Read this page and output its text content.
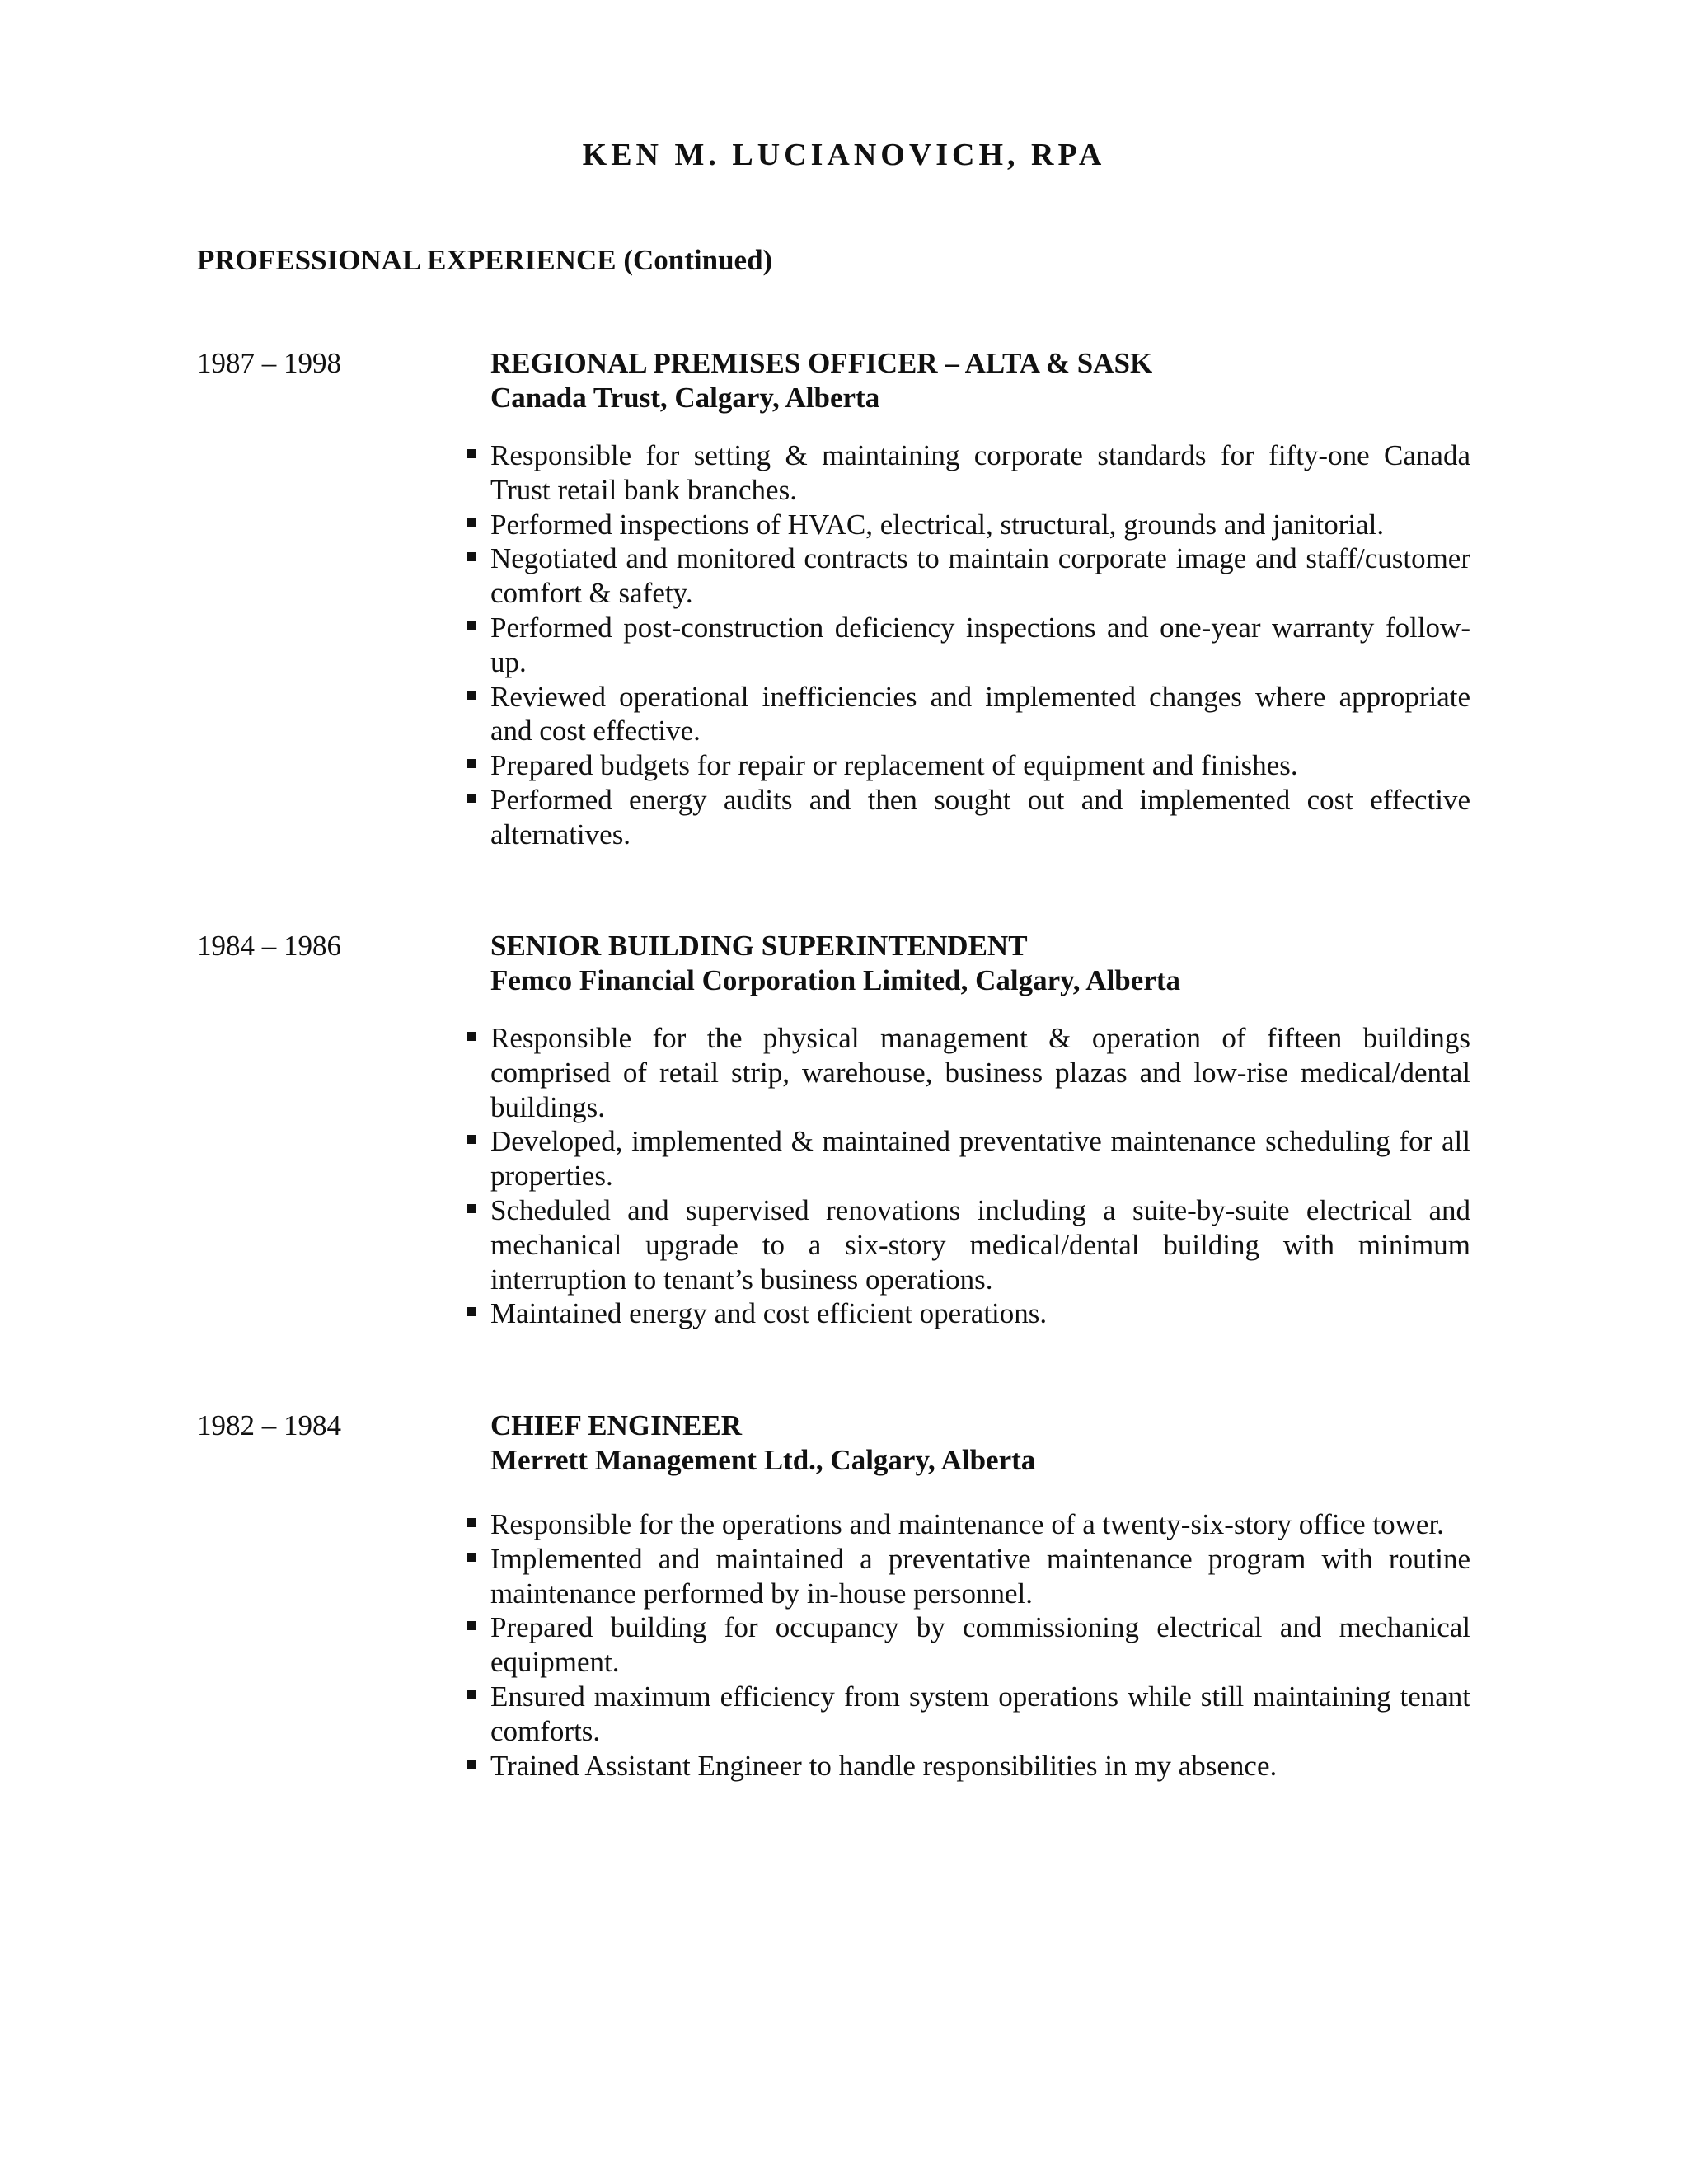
KEN M. LUCIANOVICH, RPA
PROFESSIONAL EXPERIENCE (Continued)
1987 – 1998	REGIONAL PREMISES OFFICER – ALTA & SASK
Canada Trust, Calgary, Alberta
Responsible for setting & maintaining corporate standards for fifty-one Canada Trust retail bank branches.
Performed inspections of HVAC, electrical, structural, grounds and janitorial.
Negotiated and monitored contracts to maintain corporate image and staff/customer comfort & safety.
Performed post-construction deficiency inspections and one-year warranty follow-up.
Reviewed operational inefficiencies and implemented changes where appropriate and cost effective.
Prepared budgets for repair or replacement of equipment and finishes.
Performed energy audits and then sought out and implemented cost effective alternatives.
1984 – 1986	SENIOR BUILDING SUPERINTENDENT
Femco Financial Corporation Limited, Calgary, Alberta
Responsible for the physical management & operation of fifteen buildings comprised of retail strip, warehouse, business plazas and low-rise medical/dental buildings.
Developed, implemented & maintained preventative maintenance scheduling for all properties.
Scheduled and supervised renovations including a suite-by-suite electrical and mechanical upgrade to a six-story medical/dental building with minimum interruption to tenant’s business operations.
Maintained energy and cost efficient operations.
1982 – 1984	CHIEF ENGINEER
Merrett Management Ltd., Calgary, Alberta
Responsible for the operations and maintenance of a twenty-six-story office tower.
Implemented and maintained a preventative maintenance program with routine maintenance performed by in-house personnel.
Prepared building for occupancy by commissioning electrical and mechanical equipment.
Ensured maximum efficiency from system operations while still maintaining tenant comforts.
Trained Assistant Engineer to handle responsibilities in my absence.
